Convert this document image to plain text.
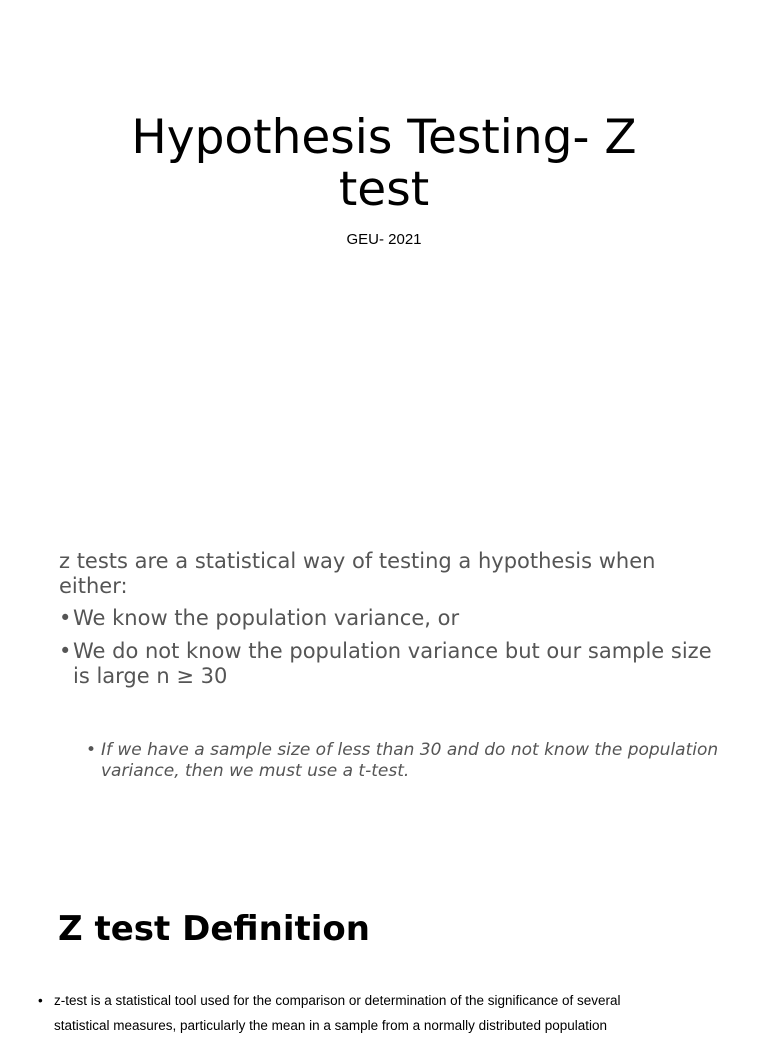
Hypothesis Testing- Z test
GEU- 2021
z tests are a statistical way of testing a hypothesis when either:
• We know the population variance, or
• We do not know the population variance but our sample size is large n ≥ 30
• If we have a sample size of less than 30 and do not know the population variance, then we must use a t-test.
Z test Definition
• z-test is a statistical tool used for the comparison or determination of the significance of several
statistical measures, particularly the mean in a sample from a normally distributed population
